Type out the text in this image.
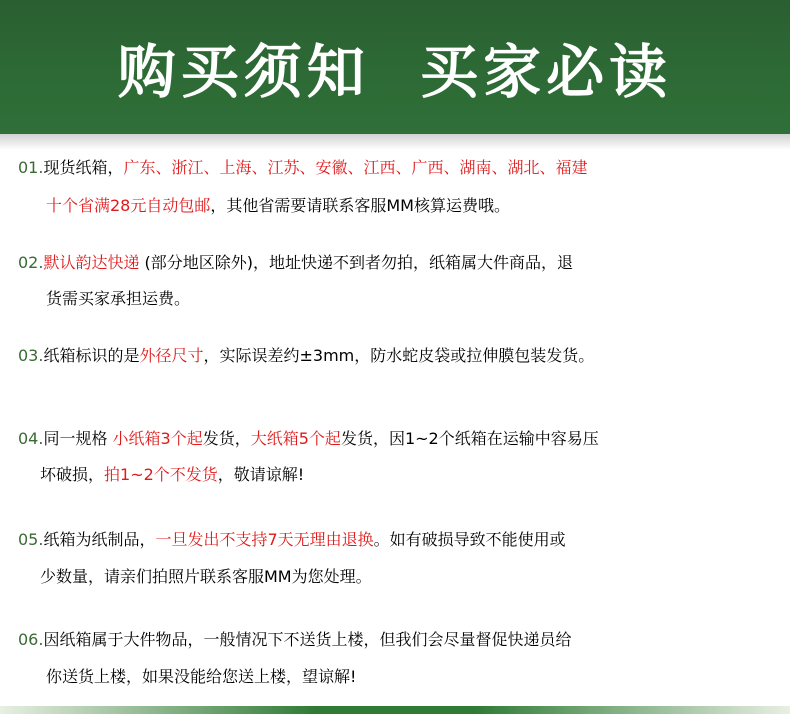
购买须知  买家必读
01.现货纸箱，广东、浙江、上海、江苏、安徽、江西、广西、湖南、湖北、福建
十个省满28元自动包邮，其他省需要请联系客服MM核算运费哦。
02.默认韵达快递 (部分地区除外)，地址快递不到者勿拍，纸箱属大件商品，退
货需买家承担运费。
03.纸箱标识的是外径尺寸，实际误差约±3mm，防水蛇皮袋或拉伸膜包装发货。
04.同一规格 小纸箱3个起发货，大纸箱5个起发货，因1~2个纸箱在运输中容易压
坏破损，拍1~2个不发货，敬请谅解!
05.纸箱为纸制品，一旦发出不支持7天无理由退换。如有破损导致不能使用或
少数量，请亲们拍照片联系客服MM为您处理。
06.因纸箱属于大件物品，一般情况下不送货上楼，但我们会尽量督促快递员给
你送货上楼，如果没能给您送上楼，望谅解!
